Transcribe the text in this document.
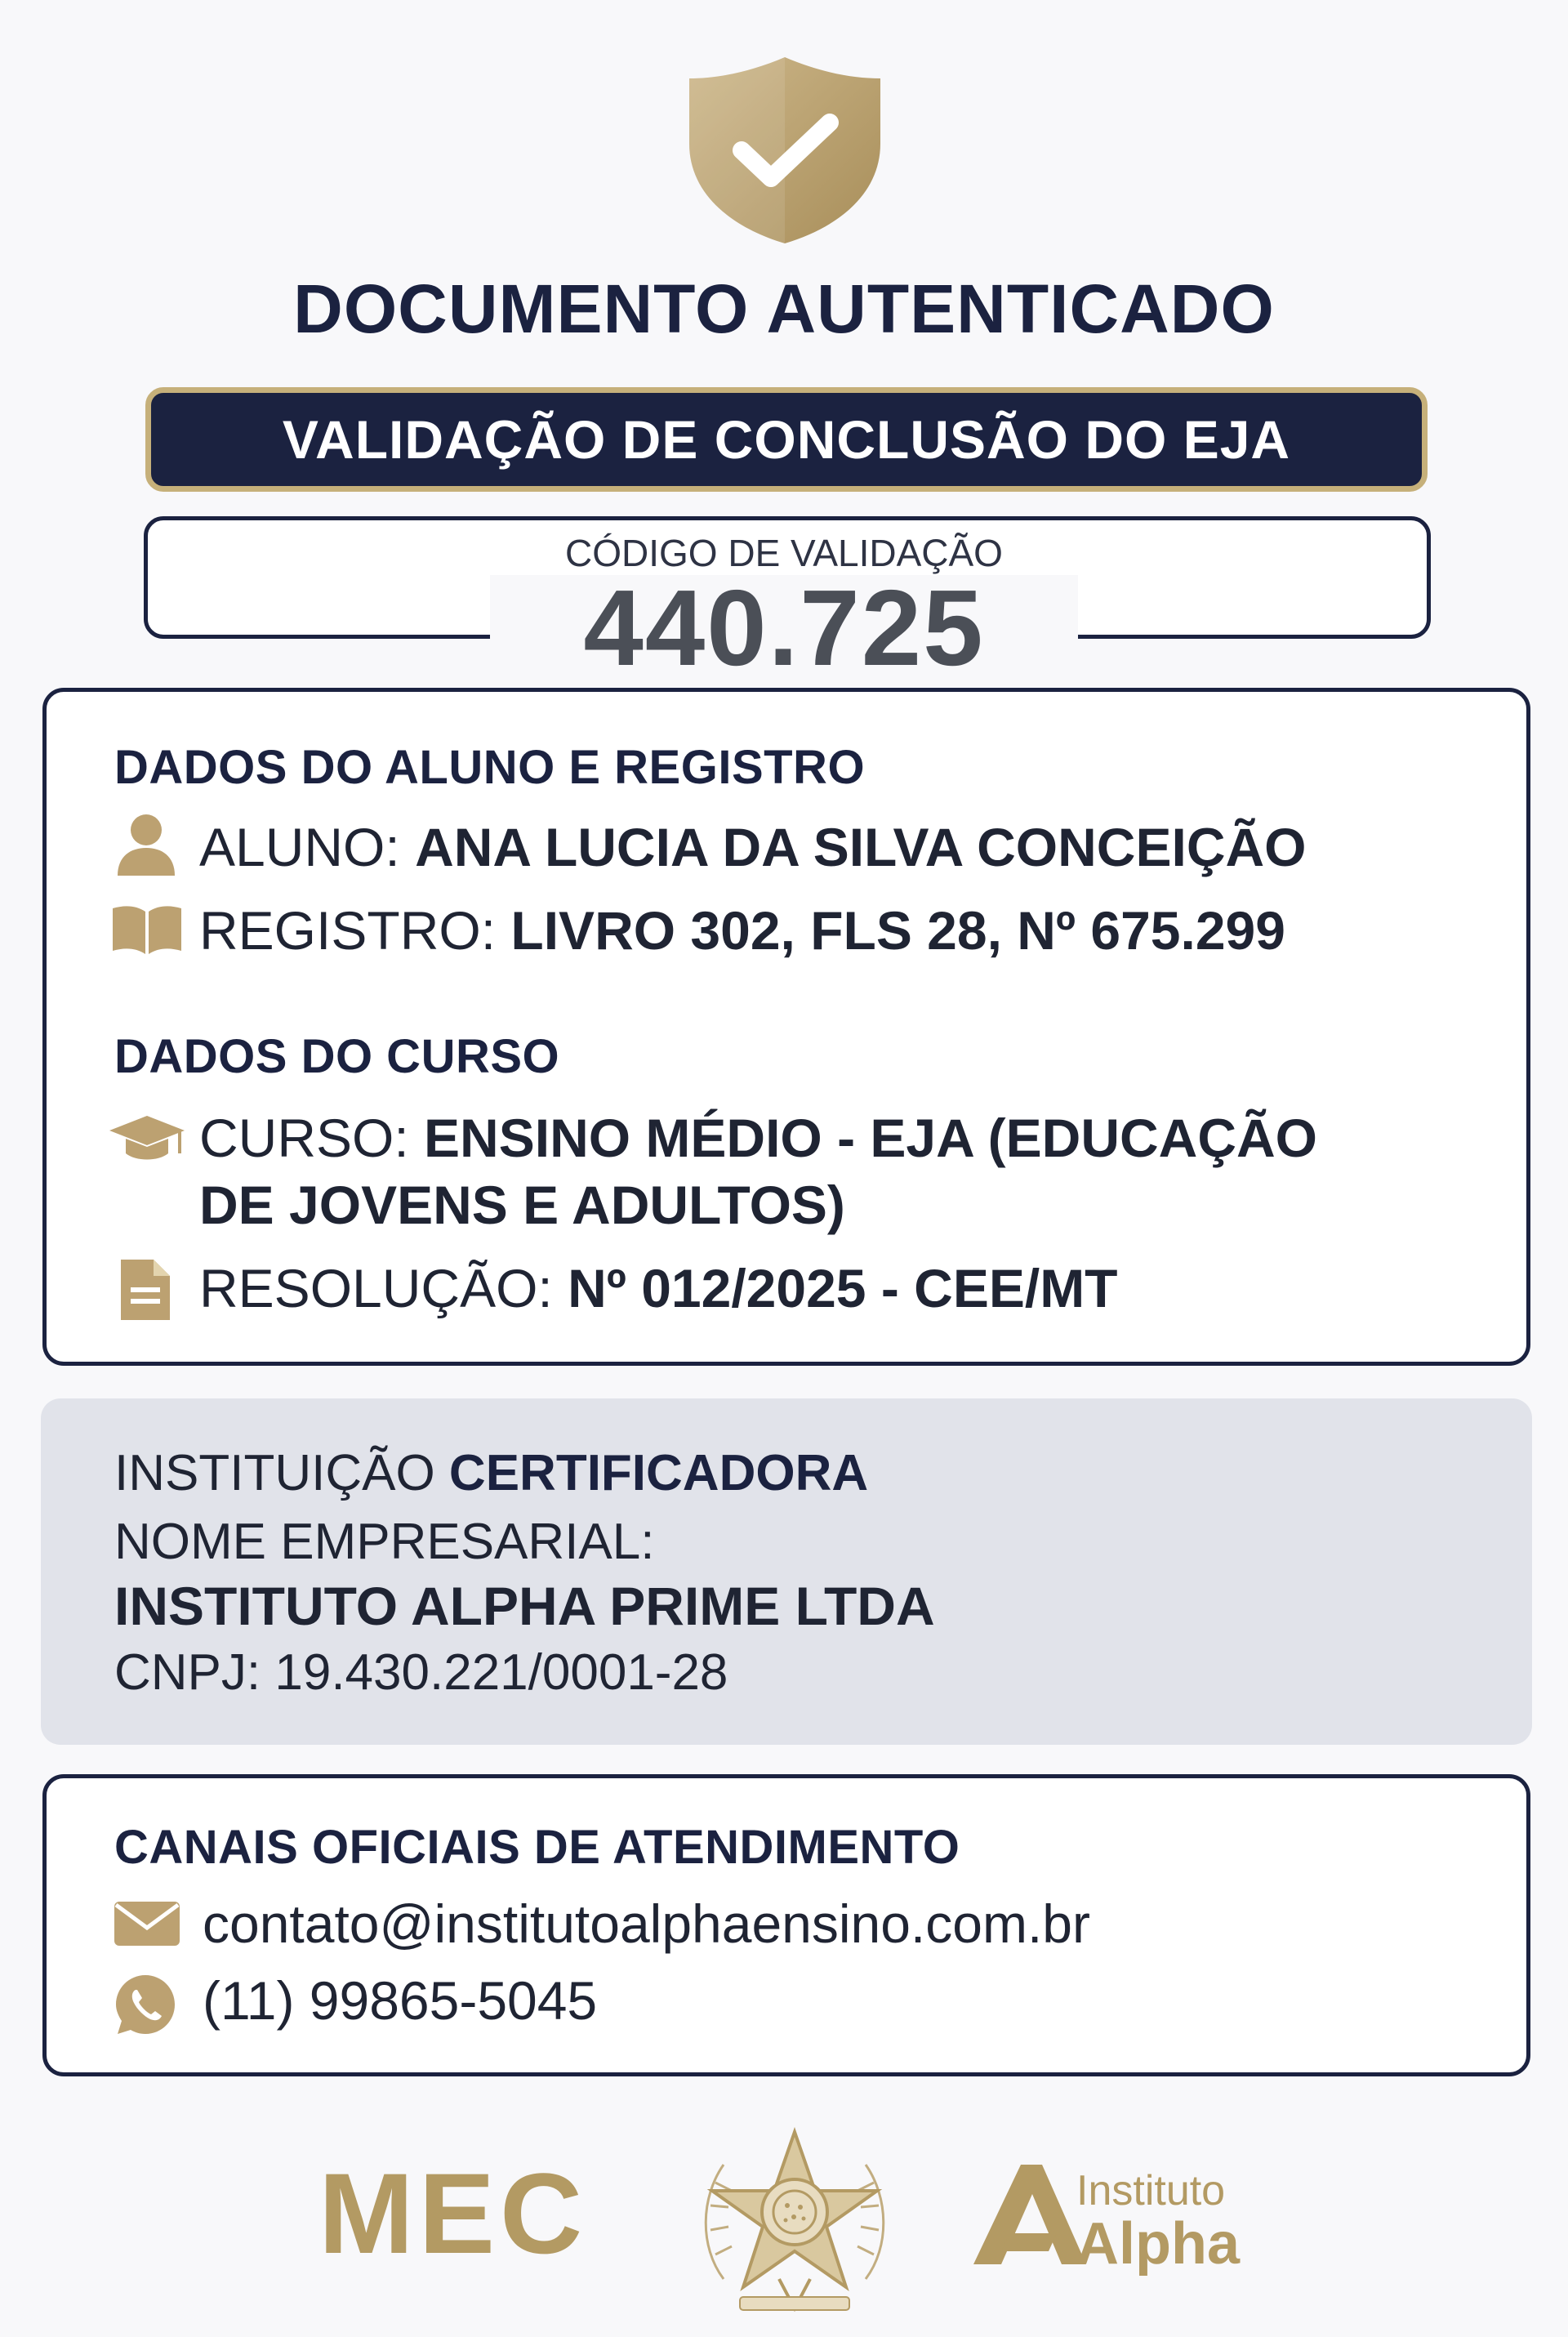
DOCUMENTO AUTENTICADO
VALIDAÇÃO DE CONCLUSÃO DO EJA
CÓDIGO DE VALIDAÇÃO
440.725
DADOS DO ALUNO E REGISTRO
ALUNO: ANA LUCIA DA SILVA CONCEIÇÃO
REGISTRO: LIVRO 302, FLS 28, Nº 675.299
DADOS DO CURSO
CURSO: ENSINO MÉDIO - EJA (EDUCAÇÃO
DE JOVENS E ADULTOS)
RESOLUÇÃO: Nº 012/2025 - CEE/MT
INSTITUIÇÃO CERTIFICADORA
NOME EMPRESARIAL:
INSTITUTO ALPHA PRIME LTDA
CNPJ: 19.430.221/0001-28
CANAIS OFICIAIS DE ATENDIMENTO
contato@institutoalphaensino.com.br
(11) 99865-5045
MEC	Instituto
Alpha
